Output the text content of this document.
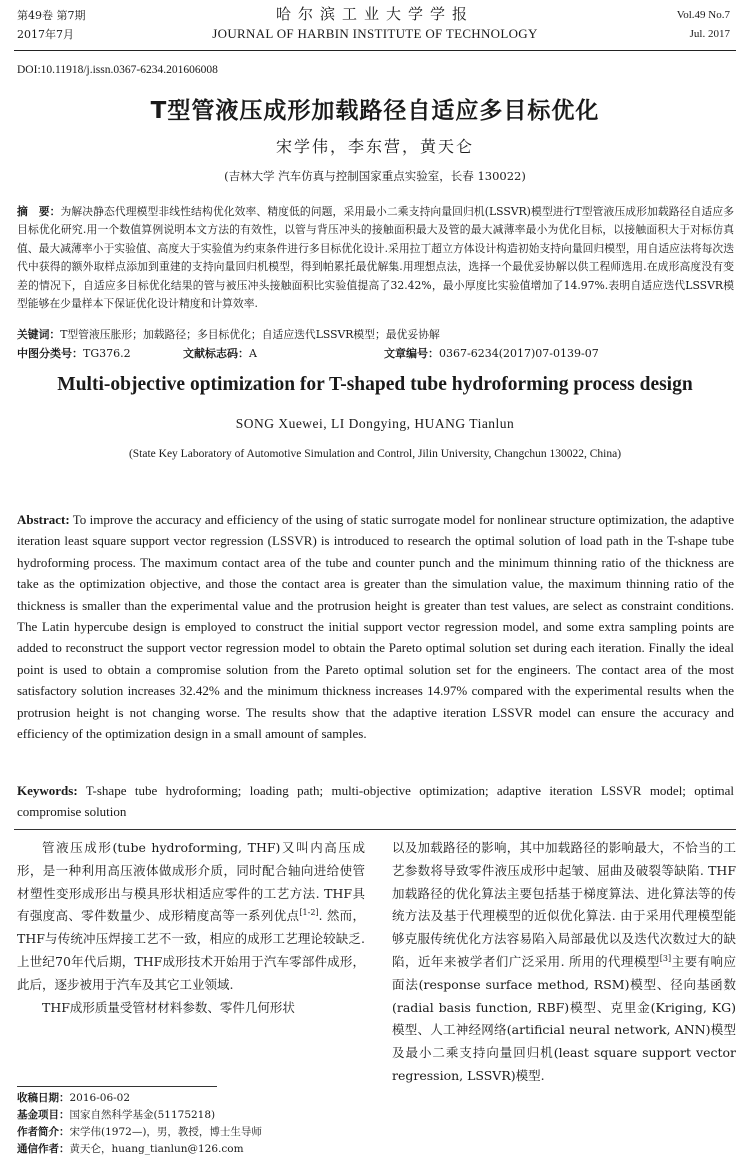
第49卷 第7期
2017年7月
哈尔滨工业大学学报
JOURNAL OF HARBIN INSTITUTE OF TECHNOLOGY
Vol.49 No.7
Jul. 2017
DOI:10.11918/j.issn.0367-6234.201606008
T型管液压成形加载路径自适应多目标优化
宋学伟，李东营，黄天仑
(吉林大学 汽车仿真与控制国家重点实验室，长春 130022)
摘　要：为解决静态代理模型非线性结构优化效率、精度低的问题，采用最小二乘支持向量回归机(LSSVR)模型进行T型管液压成形加载路径自适应多目标优化研究.用一个数值算例说明本文方法的有效性，以管与背压冲头的接触面积最大及管的最大减薄率最小为优化目标，以接触面积大于对标仿真值、最大减薄率小于实验值、高度大于实验值为约束条件进行多目标优化设计.采用拉丁超立方体设计构造初始支持向量回归模型，用自适应法将每次迭代中获得的额外取样点添加到重建的支持向量回归机模型，得到帕累托最优解集.用理想点法，选择一个最优妥协解以供工程师选用.在成形高度没有变差的情况下，自适应多目标优化结果的管与被压冲头接触面积比实验值提高了32.42%，最小厚度比实验值增加了14.97%.表明自适应迭代LSSVR模型能够在少量样本下保证优化设计精度和计算效率.
关键词：T型管液压胀形；加载路径；多目标优化；自适应迭代LSSVR模型；最优妥协解
中图分类号：TG376.2	文献标志码：A	文章编号：0367-6234(2017)07-0139-07
Multi-objective optimization for T-shaped tube hydroforming process design
SONG Xuewei, LI Dongying, HUANG Tianlun
(State Key Laboratory of Automotive Simulation and Control, Jilin University, Changchun 130022, China)
Abstract: To improve the accuracy and efficiency of the using of static surrogate model for nonlinear structure optimization, the adaptive iteration least square support vector regression (LSSVR) is introduced to research the optimal solution of load path in the T-shape tube hydroforming process. The maximum contact area of the tube and counter punch and the minimum thinning ratio of the thickness are take as the optimization objective, and those the contact area is greater than the simulation value, the maximum thinning ratio of the thickness is smaller than the experimental value and the protrusion height is greater than test values, are select as constraint conditions. The Latin hypercube design is employed to construct the initial support vector regression model, and some extra sampling points are added to reconstruct the support vector regression model to obtain the Pareto optimal solution set during each iteration. Finally the ideal point is used to obtain a compromise solution from the Pareto optimal solution set for the engineers. The contact area of the most satisfactory solution increases 32.42% and the minimum thickness increases 14.97% compared with the experimental results when the protrusion height is not changing worse. The results show that the adaptive iteration LSSVR model can ensure the accuracy and efficiency of the optimization design in a small amount of samples.
Keywords: T-shape tube hydroforming; loading path; multi-objective optimization; adaptive iteration LSSVR model; optimal compromise solution

管液压成形(tube hydroforming, THF)又叫内高压成形，是一种利用高压液体做成形介质，同时配合轴向进给使管材塑性变形成形出与模具形状相适应零件的工艺方法. THF具有强度高、零件数量少、成形精度高等一系列优点[1-2]. 然而，THF与传统冲压焊接工艺不一致，相应的成形工艺理论较缺乏. 上世纪70年代后期，THF成形技术开始用于汽车零部件成形，此后，逐步被用于汽车及其它工业领域.

THF成形质量受管材材料参数、零件几何形状

以及加载路径的影响，其中加载路径的影响最大，不恰当的工艺参数将导致零件液压成形中起皱、屈曲及破裂等缺陷. THF加载路径的优化算法主要包括基于梯度算法、进化算法等的传统方法及基于代理模型的近似优化算法. 由于采用代理模型能够克服传统优化方法容易陷入局部最优以及迭代次数过大的缺陷，近年来被学者们广泛采用. 所用的代理模型[3]主要有响应面法(response surface method, RSM)模型、径向基函数(radial basis function, RBF)模型、克里金(Kriging, KG)模型、人工神经网络(artificial neural network, ANN)模型及最小二乘支持向量回归机(least square support vector regression, LSSVR)模型.

收稿日期：2016-06-02
基金项目：国家自然科学基金(51175218)
作者简介：宋学伟(1972—)，男，教授，博士生导师
通信作者：黄天仑，huang_tianlun@126.com
